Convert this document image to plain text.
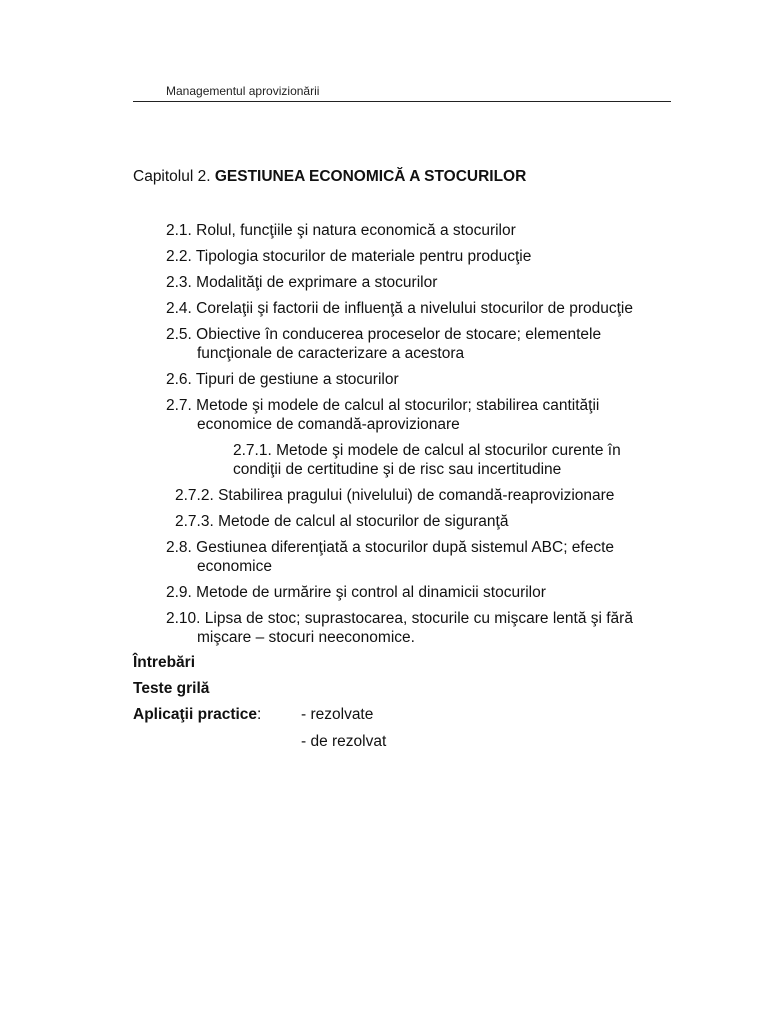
Managementul aprovizionării
Capitolul 2. GESTIUNEA ECONOMICĂ A STOCURILOR
2.1. Rolul, funcţiile şi natura economică a stocurilor
2.2. Tipologia stocurilor de materiale pentru producţie
2.3. Modalităţi de exprimare a stocurilor
2.4. Corelaţii şi factorii de influenţă a nivelului stocurilor de producţie
2.5. Obiective în conducerea proceselor de stocare; elementele
funcţionale de caracterizare a acestora
2.6. Tipuri de gestiune a stocurilor
2.7. Metode şi modele de calcul al stocurilor; stabilirea cantităţii
economice de comandă-aprovizionare
2.7.1. Metode şi modele de calcul al stocurilor curente în
condiţii de certitudine şi de risc sau incertitudine
2.7.2. Stabilirea pragului (nivelului) de comandă-reaprovizionare
2.7.3. Metode de calcul al stocurilor de siguranţă
2.8. Gestiunea diferenţiată a stocurilor după sistemul ABC; efecte
economice
2.9. Metode de urmărire şi control al dinamicii stocurilor
2.10. Lipsa de stoc; suprastocarea, stocurile cu mişcare lentă şi fără
mişcare – stocuri neeconomice.
Întrebări
Teste grilă
Aplicaţii practice:	- rezolvate
- de rezolvat
